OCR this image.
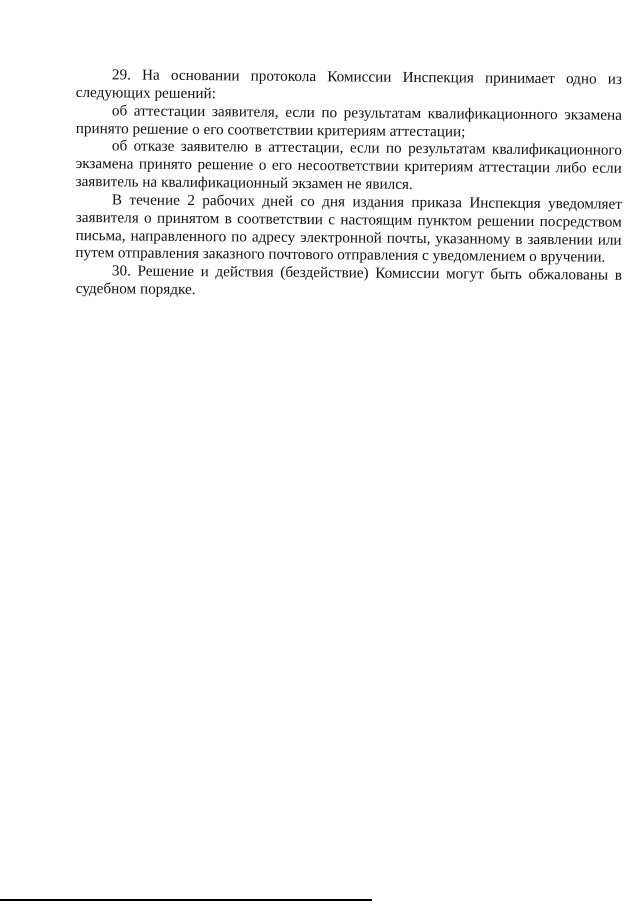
29. На основании протокола Комиссии Инспекция принимает одно из следующих решений:

об аттестации заявителя, если по результатам квалификационного экзамена принято решение о его соответствии критериям аттестации;

об отказе заявителю в аттестации, если по результатам квалификационного экзамена принято решение о его несоответствии критериям аттестации либо если заявитель на квалификационный экзамен не явился.

В течение 2 рабочих дней со дня издания приказа Инспекция уведомляет заявителя о принятом в соответствии с настоящим пунктом решении посредством письма, направленного по адресу электронной почты, указанному в заявлении или путем отправления заказного почтового отправления с уведомлением о вручении.

30. Решение и действия (бездействие) Комиссии могут быть обжалованы в судебном порядке.
